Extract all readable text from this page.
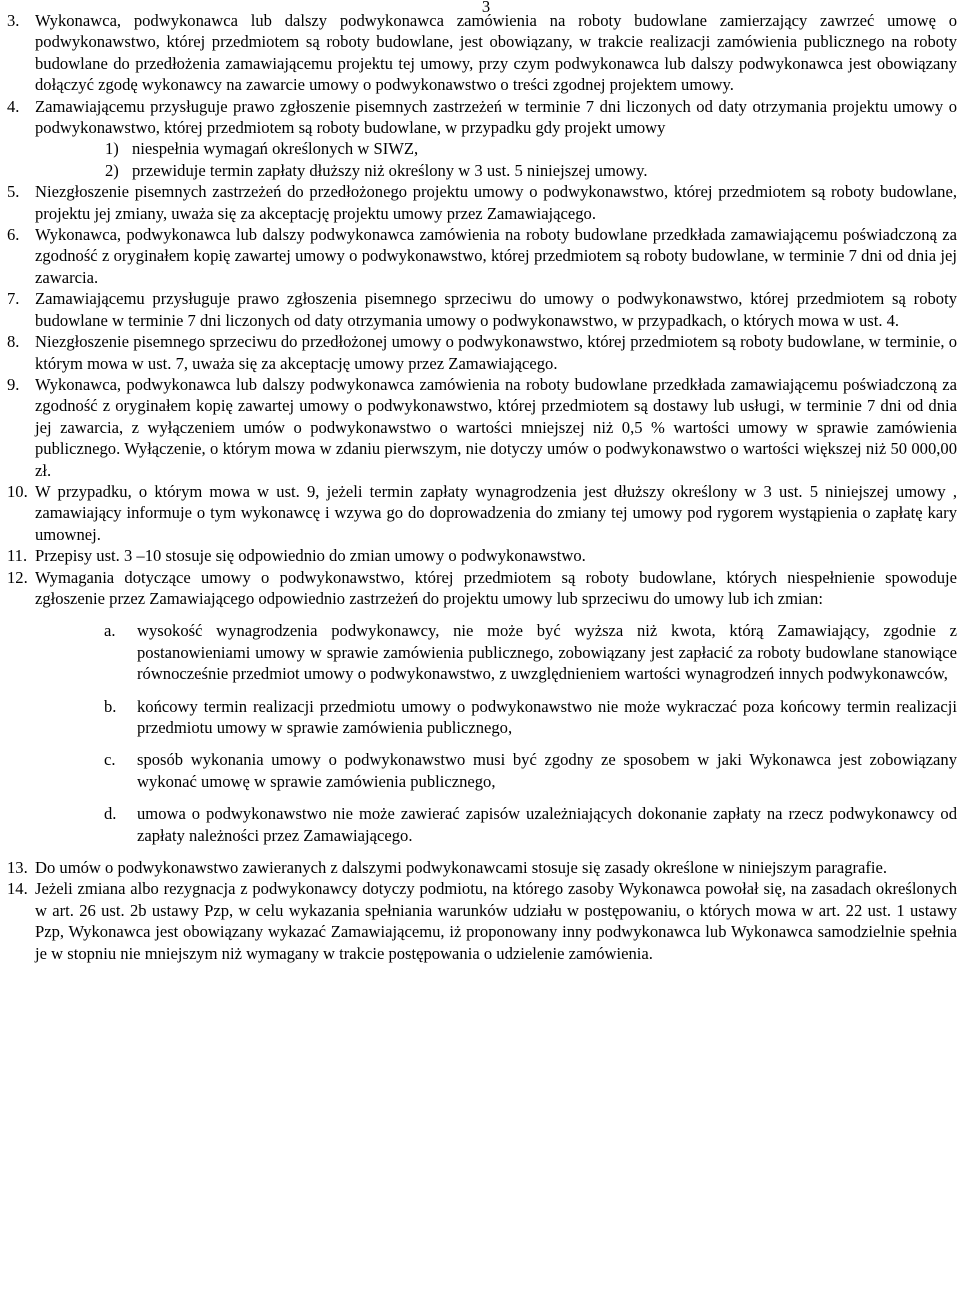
3
3. Wykonawca, podwykonawca lub dalszy podwykonawca zamówienia na roboty budowlane zamierzający zawrzeć umowę o podwykonawstwo, której przedmiotem są roboty budowlane, jest obowiązany, w trakcie realizacji zamówienia publicznego na roboty budowlane do przedłożenia zamawiającemu projektu tej umowy, przy czym podwykonawca lub dalszy podwykonawca jest obowiązany dołączyć zgodę wykonawcy na zawarcie umowy o podwykonawstwo o treści zgodnej projektem umowy.
4. Zamawiającemu przysługuje prawo zgłoszenie pisemnych zastrzeżeń w terminie 7 dni liczonych od daty otrzymania projektu umowy o podwykonawstwo, której przedmiotem są roboty budowlane, w przypadku gdy projekt umowy
1) niespełnia wymagań określonych w SIWZ,
2) przewiduje termin zapłaty dłuższy niż określony w 3 ust. 5 niniejszej umowy.
5. Niezgłoszenie pisemnych zastrzeżeń do przedłożonego projektu umowy o podwykonawstwo, której przedmiotem są roboty budowlane, projektu jej zmiany, uważa się za akceptację projektu umowy przez Zamawiającego.
6. Wykonawca, podwykonawca lub dalszy podwykonawca zamówienia na roboty budowlane przedkłada zamawiającemu poświadczoną za zgodność z oryginałem kopię zawartej umowy o podwykonawstwo, której przedmiotem są roboty budowlane, w terminie 7 dni od dnia jej zawarcia.
7. Zamawiającemu przysługuje prawo zgłoszenia pisemnego sprzeciwu do umowy o podwykonawstwo, której przedmiotem są roboty budowlane w terminie 7 dni liczonych od daty otrzymania umowy o podwykonawstwo, w przypadkach, o których mowa w ust. 4.
8. Niezgłoszenie pisemnego sprzeciwu do przedłożonej umowy o podwykonawstwo, której przedmiotem są roboty budowlane, w terminie, o którym mowa w ust. 7, uważa się za akceptację umowy przez Zamawiającego.
9. Wykonawca, podwykonawca lub dalszy podwykonawca zamówienia na roboty budowlane przedkłada zamawiającemu poświadczoną za zgodność z oryginałem kopię zawartej umowy o podwykonawstwo, której przedmiotem są dostawy lub usługi, w terminie 7 dni od dnia jej zawarcia, z wyłączeniem umów o podwykonawstwo o wartości mniejszej niż 0,5 % wartości umowy w sprawie zamówienia publicznego. Wyłączenie, o którym mowa w zdaniu pierwszym, nie dotyczy umów o podwykonawstwo o wartości większej niż 50 000,00 zł.
10. W przypadku, o którym mowa w ust. 9, jeżeli termin zapłaty wynagrodzenia jest dłuższy określony w 3 ust. 5 niniejszej umowy , zamawiający informuje o tym wykonawcę i wzywa go do doprowadzenia do zmiany tej umowy pod rygorem wystąpienia o zapłatę kary umownej.
11. Przepisy ust. 3 –10 stosuje się odpowiednio do zmian umowy o podwykonawstwo.
12. Wymagania dotyczące umowy o podwykonawstwo, której przedmiotem są roboty budowlane, których niespełnienie spowoduje zgłoszenie przez Zamawiającego odpowiednio zastrzeżeń do projektu umowy lub sprzeciwu do umowy lub ich zmian:
a. wysokość wynagrodzenia podwykonawcy, nie może być wyższa niż kwota, którą Zamawiający, zgodnie z postanowieniami umowy w sprawie zamówienia publicznego, zobowiązany jest zapłacić za roboty budowlane stanowiące równocześnie przedmiot umowy o podwykonawstwo, z uwzględnieniem wartości wynagrodzeń innych podwykonawców,
b. końcowy termin realizacji przedmiotu umowy o podwykonawstwo nie może wykraczać poza końcowy termin realizacji przedmiotu umowy w sprawie zamówienia publicznego,
c. sposób wykonania umowy o podwykonawstwo musi być zgodny ze sposobem w jaki Wykonawca jest zobowiązany wykonać umowę w sprawie zamówienia publicznego,
d. umowa o podwykonawstwo nie może zawierać zapisów uzależniających dokonanie zapłaty na rzecz podwykonawcy od zapłaty należności przez Zamawiającego.
13. Do umów o podwykonawstwo zawieranych z dalszymi podwykonawcami stosuje się zasady określone w niniejszym paragrafie.
14. Jeżeli zmiana albo rezygnacja z podwykonawcy dotyczy podmiotu, na którego zasoby Wykonawca powołał się, na zasadach określonych w art. 26 ust. 2b ustawy Pzp, w celu wykazania spełniania warunków udziału w postępowaniu, o których mowa w art. 22 ust. 1 ustawy Pzp, Wykonawca jest obowiązany wykazać Zamawiającemu, iż proponowany inny podwykonawca lub Wykonawca samodzielnie spełnia je w stopniu nie mniejszym niż wymagany w trakcie postępowania o udzielenie zamówienia.
